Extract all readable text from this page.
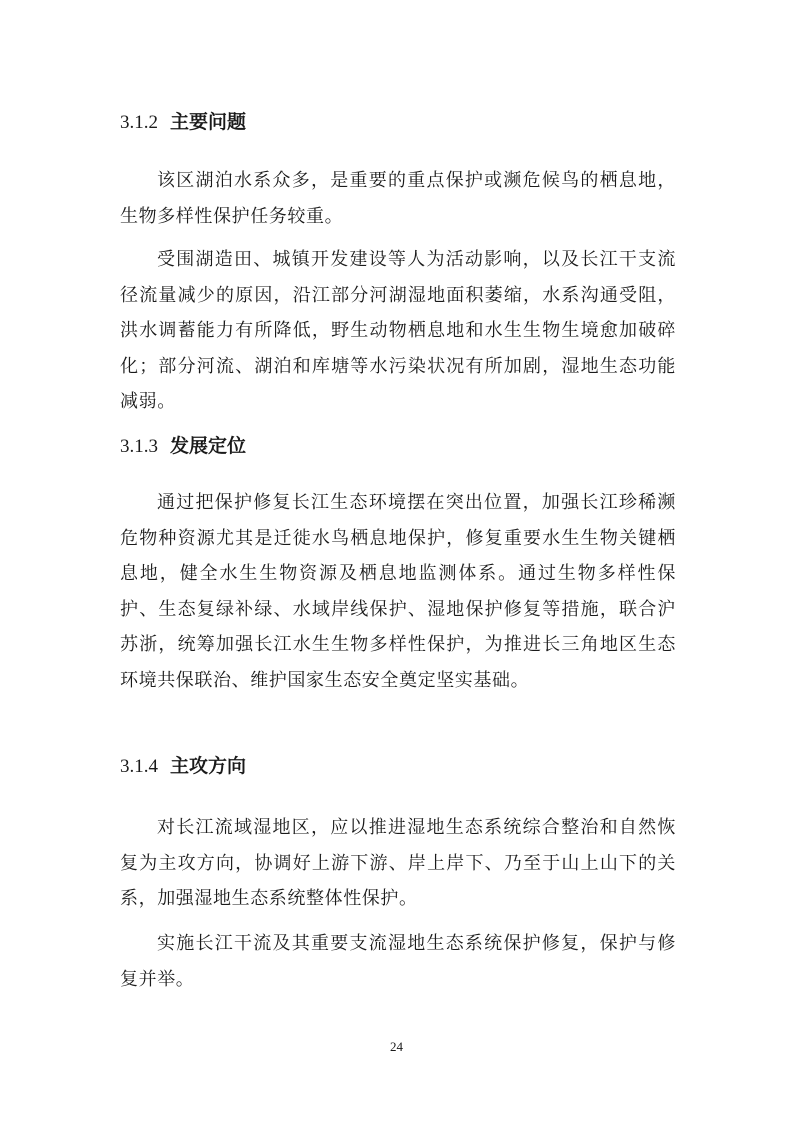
3.1.2 主要问题

该区湖泊水系众多，是重要的重点保护或濒危候鸟的栖息地，生物多样性保护任务较重。

受围湖造田、城镇开发建设等人为活动影响，以及长江干支流径流量减少的原因，沿江部分河湖湿地面积萎缩，水系沟通受阻，洪水调蓄能力有所降低，野生动物栖息地和水生生物生境愈加破碎化；部分河流、湖泊和库塘等水污染状况有所加剧，湿地生态功能减弱。

3.1.3 发展定位

通过把保护修复长江生态环境摆在突出位置，加强长江珍稀濒危物种资源尤其是迁徙水鸟栖息地保护，修复重要水生生物关键栖息地，健全水生生物资源及栖息地监测体系。通过生物多样性保护、生态复绿补绿、水域岸线保护、湿地保护修复等措施，联合沪苏浙，统筹加强长江水生生物多样性保护，为推进长三角地区生态环境共保联治、维护国家生态安全奠定坚实基础。

3.1.4 主攻方向

对长江流域湿地区，应以推进湿地生态系统综合整治和自然恢复为主攻方向，协调好上游下游、岸上岸下、乃至于山上山下的关系，加强湿地生态系统整体性保护。

实施长江干流及其重要支流湿地生态系统保护修复，保护与修复并举。

24
